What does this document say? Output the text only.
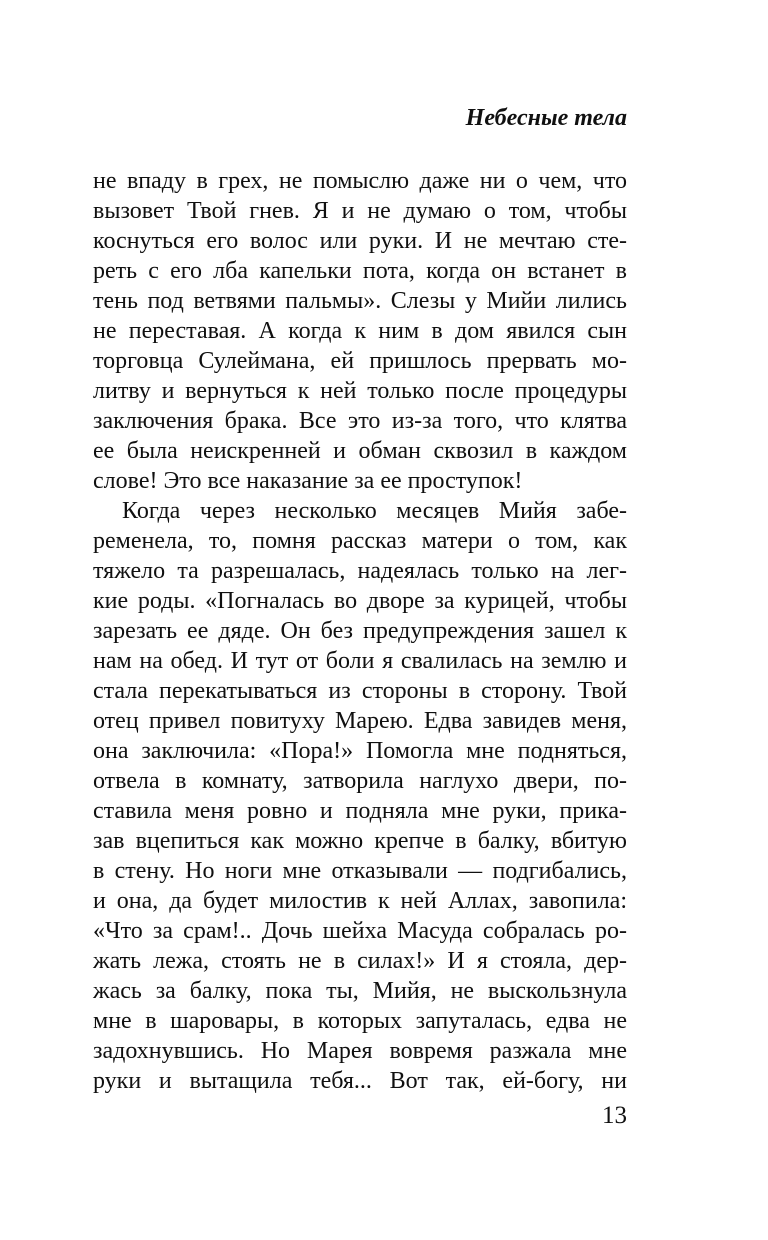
Небесные тела
не впаду в грех, не помыслю даже ни о чем, что
вызовет Твой гнев. Я и не думаю о том, чтобы
коснуться его волос или руки. И не мечтаю сте-
реть с его лба капельки пота, когда он встанет в
тень под ветвями пальмы». Слезы у Мийи лились
не переставая. А когда к ним в дом явился сын
торговца Сулеймана, ей пришлось прервать мо-
литву и вернуться к ней только после процедуры
заключения брака. Все это из-за того, что клятва
ее была неискренней и обман сквозил в каждом
слове! Это все наказание за ее проступок!
Когда через несколько месяцев Мийя забе-
ременела, то, помня рассказ матери о том, как
тяжело та разрешалась, надеялась только на лег-
кие роды. «Погналась во дворе за курицей, чтобы
зарезать ее дяде. Он без предупреждения зашел к
нам на обед. И тут от боли я свалилась на землю и
стала перекатываться из стороны в сторону. Твой
отец привел повитуху Марею. Едва завидев меня,
она заключила: «Пора!» Помогла мне подняться,
отвела в комнату, затворила наглухо двери, по-
ставила меня ровно и подняла мне руки, прика-
зав вцепиться как можно крепче в балку, вбитую
в стену. Но ноги мне отказывали — подгибались,
и она, да будет милостив к ней Аллах, завопила:
«Что за срам!.. Дочь шейха Масуда собралась ро-
жать лежа, стоять не в силах!» И я стояла, дер-
жась за балку, пока ты, Мийя, не выскользнула
мне в шаровары, в которых запуталась, едва не
задохнувшись. Но Марея вовремя разжала мне
руки и вытащила тебя... Вот так, ей-богу, ни
13
